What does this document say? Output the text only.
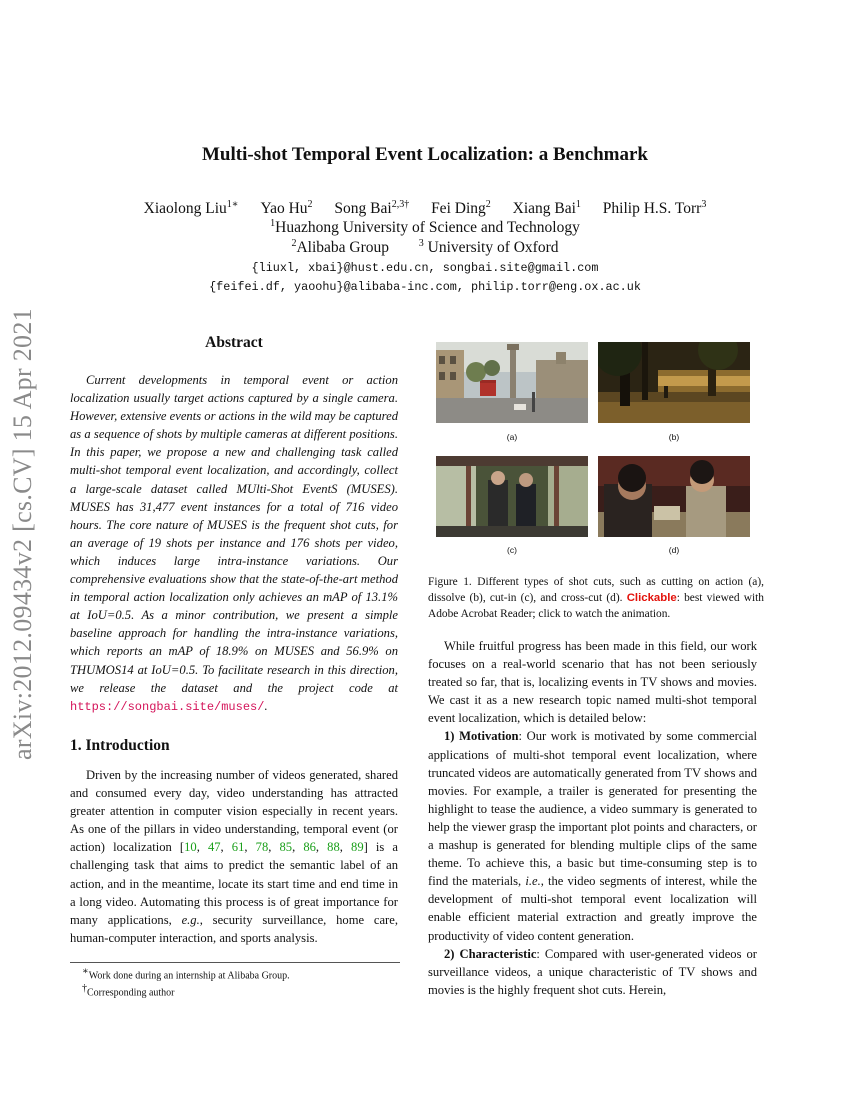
arXiv:2012.09434v2 [cs.CV] 15 Apr 2021
Multi-shot Temporal Event Localization: a Benchmark
Xiaolong Liu$^{1∗}$ Yao Hu$^2$ Song Bai$^{2,3\dagger}$ Fei Ding$^2$ Xiang Bai$^1$ Philip H.S. Torr$^3$
$^1$Huazhong University of Science and Technology
$^2$Alibaba Group	$^3$ University of Oxford
{liuxl, xbai}@hust.edu.cn, songbai.site@gmail.com
{feifei.df, yaoohu}@alibaba-inc.com, philip.torr@eng.ox.ac.uk
Abstract

Current developments in temporal event or action localization usually target actions captured by a single camera. However, extensive events or actions in the wild may be captured as a sequence of shots by multiple cameras at different positions. In this paper, we propose a new and challenging task called multi-shot temporal event localization, and accordingly, collect a large-scale dataset called MUlti-Shot EventS (MUSES). MUSES has 31,477 event instances for a total of 716 video hours. The core nature of MUSES is the frequent shot cuts, for an average of 19 shots per instance and 176 shots per video, which induces large intra-instance variations. Our comprehensive evaluations show that the state-of-the-art method in temporal action localization only achieves an mAP of 13.1% at IoU=0.5. As a minor contribution, we present a simple baseline approach for handling the intra-instance variations, which reports an mAP of 18.9% on MUSES and 56.9% on THUMOS14 at IoU=0.5. To facilitate research in this direction, we release the dataset and the project code at https://songbai.site/muses/.

1. Introduction

Driven by the increasing number of videos generated, shared and consumed every day, video understanding has attracted greater attention in computer vision especially in recent years. As one of the pillars in video understanding, temporal event (or action) localization [10, 47, 61, 78, 85, 86, 88, 89] is a challenging task that aims to predict the semantic label of an action, and in the meantime, locate its start time and end time in a long video. Automating this process is of great importance for many applications, e.g., security surveillance, home care, human-computer interaction, and sports analysis.

∗Work done during an internship at Alibaba Group.
†Corresponding author
(a)	(b)
(c)	(d)
Figure 1. Different types of shot cuts, such as cutting on action (a), dissolve (b), cut-in (c), and cross-cut (d). Clickable: best viewed with Adobe Acrobat Reader; click to watch the animation.

While fruitful progress has been made in this field, our work focuses on a real-world scenario that has not been seriously treated so far, that is, localizing events in TV shows and movies. We cast it as a new research topic named multi-shot temporal event localization, which is detailed below:

1) Motivation: Our work is motivated by some commercial applications of multi-shot temporal event localization, where truncated videos are automatically generated from TV shows and movies. For example, a trailer is generated for presenting the highlight to tease the audience, a video summary is generated to help the viewer grasp the important plot points and characters, or a mashup is generated for blending multiple clips of the same theme. To achieve this, a basic but time-consuming step is to find the materials, i.e., the video segments of interest, while the development of multi-shot temporal event localization will enable efficient material extraction and greatly improve the productivity of video content generation.

2) Characteristic: Compared with user-generated videos or surveillance videos, a unique characteristic of TV shows and movies is the highly frequent shot cuts. Herein,
